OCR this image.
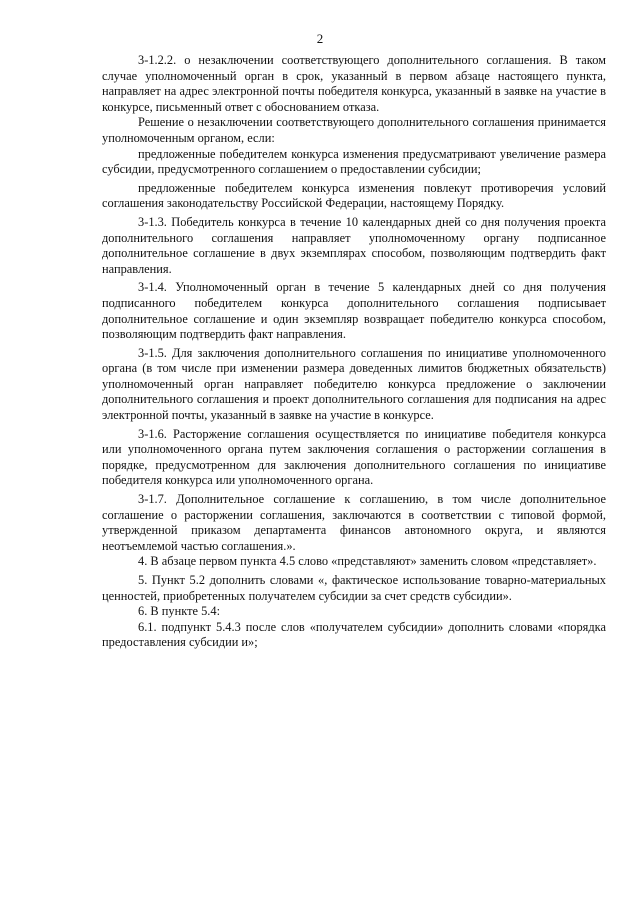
2

3-1.2.2. о незаключении соответствующего дополнительного соглашения. В таком случае уполномоченный орган в срок, указанный в первом абзаце настоящего пункта, направляет на адрес электронной почты победителя конкурса, указанный в заявке на участие в конкурсе, письменный ответ с обоснованием отказа.

Решение о незаключении соответствующего дополнительного соглашения принимается уполномоченным органом, если:

предложенные победителем конкурса изменения предусматривают увеличение размера субсидии, предусмотренного соглашением о предоставлении субсидии;

предложенные победителем конкурса изменения повлекут противоречия условий соглашения законодательству Российской Федерации, настоящему Порядку.

3-1.3. Победитель конкурса в течение 10 календарных дней со дня получения проекта дополнительного соглашения направляет уполномоченному органу подписанное дополнительное соглашение в двух экземплярах способом, позволяющим подтвердить факт направления.

3-1.4. Уполномоченный орган в течение 5 календарных дней со дня получения подписанного победителем конкурса дополнительного соглашения подписывает дополнительное соглашение и один экземпляр возвращает победителю конкурса способом, позволяющим подтвердить факт направления.

3-1.5. Для заключения дополнительного соглашения по инициативе уполномоченного органа (в том числе при изменении размера доведенных лимитов бюджетных обязательств) уполномоченный орган направляет победителю конкурса предложение о заключении дополнительного соглашения и проект дополнительного соглашения для подписания на адрес электронной почты, указанный в заявке на участие в конкурсе.

3-1.6. Расторжение соглашения осуществляется по инициативе победителя конкурса или уполномоченного органа путем заключения соглашения о расторжении соглашения в порядке, предусмотренном для заключения дополнительного соглашения по инициативе победителя конкурса или уполномоченного органа.

3-1.7. Дополнительное соглашение к соглашению, в том числе дополнительное соглашение о расторжении соглашения, заключаются в соответствии с типовой формой, утвержденной приказом департамента финансов автономного округа, и являются неотъемлемой частью соглашения.».

4. В абзаце первом пункта 4.5 слово «представляют» заменить словом «представляет».

5. Пункт 5.2 дополнить словами «, фактическое использование товарно-материальных ценностей, приобретенных получателем субсидии за счет средств субсидии».

6. В пункте 5.4:

6.1. подпункт 5.4.3 после слов «получателем субсидии» дополнить словами «порядка предоставления субсидии и»;
